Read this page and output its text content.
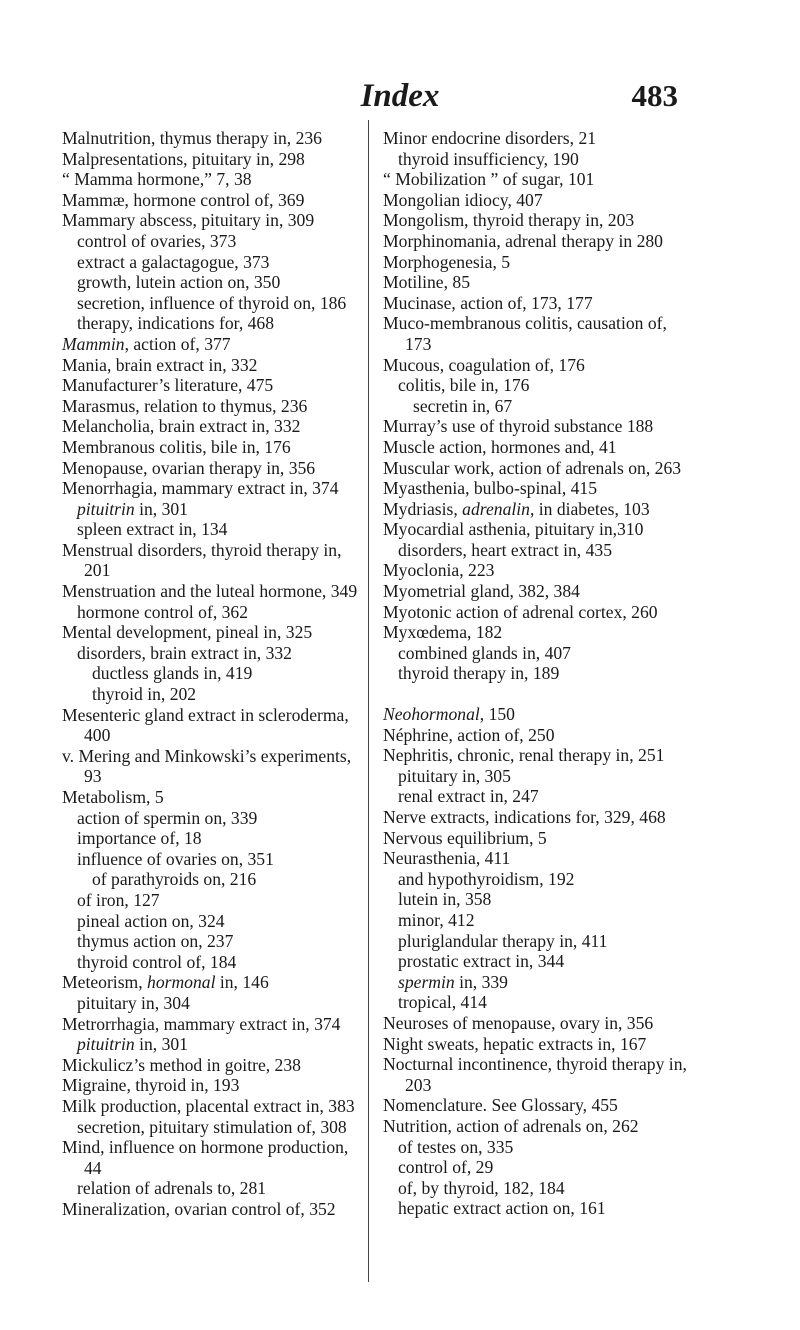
Index	483

Malnutrition, thymus therapy in, 236

Malpresentations, pituitary in, 298

“ Mamma hormone,” 7, 38

Mammæ, hormone control of, 369

Mammary abscess, pituitary in, 309

control of ovaries, 373

extract a galactagogue, 373

growth, lutein action on, 350

secretion, influence of thyroid on, 186

therapy, indications for, 468

Mammin, action of, 377

Mania, brain extract in, 332

Manufacturer’s literature, 475

Marasmus, relation to thymus, 236

Melancholia, brain extract in, 332

Membranous colitis, bile in, 176

Menopause, ovarian therapy in, 356

Menorrhagia, mammary extract in, 374

pituitrin in, 301

spleen extract in, 134

Menstrual disorders, thyroid therapy in, 201

Menstruation and the luteal hormone, 349

hormone control of, 362

Mental development, pineal in, 325

disorders, brain extract in, 332

ductless glands in, 419

thyroid in, 202

Mesenteric gland extract in scleroderma, 400

v. Mering and Minkowski’s experiments, 93

Metabolism, 5

action of spermin on, 339

importance of, 18

influence of ovaries on, 351

of parathyroids on, 216

of iron, 127

pineal action on, 324

thymus action on, 237

thyroid control of, 184

Meteorism, hormonal in, 146

pituitary in, 304

Metrorrhagia, mammary extract in, 374

pituitrin in, 301

Mickulicz’s method in goitre, 238

Migraine, thyroid in, 193

Milk production, placental extract in, 383

secretion, pituitary stimulation of, 308

Mind, influence on hormone production, 44

relation of adrenals to, 281

Mineralization, ovarian control of, 352

Minor endocrine disorders, 21

thyroid insufficiency, 190

“ Mobilization ” of sugar, 101

Mongolian idiocy, 407

Mongolism, thyroid therapy in, 203

Morphinomania, adrenal therapy in 280

Morphogenesia, 5

Motiline, 85

Mucinase, action of, 173, 177

Muco-membranous colitis, causation of, 173

Mucous, coagulation of, 176

colitis, bile in, 176

secretin in, 67

Murray’s use of thyroid substance 188

Muscle action, hormones and, 41

Muscular work, action of adrenals on, 263

Myasthenia, bulbo-spinal, 415

Mydriasis, adrenalin, in diabetes, 103

Myocardial asthenia, pituitary in,310

disorders, heart extract in, 435

Myoclonia, 223

Myometrial gland, 382, 384

Myotonic action of adrenal cortex, 260

Myxœdema, 182

combined glands in, 407

thyroid therapy in, 189

Neohormonal, 150

Néphrine, action of, 250

Nephritis, chronic, renal therapy in, 251

pituitary in, 305

renal extract in, 247

Nerve extracts, indications for, 329, 468

Nervous equilibrium, 5

Neurasthenia, 411

and hypothyroidism, 192

lutein in, 358

minor, 412

pluriglandular therapy in, 411

prostatic extract in, 344

spermin in, 339

tropical, 414

Neuroses of menopause, ovary in, 356

Night sweats, hepatic extracts in, 167

Nocturnal incontinence, thyroid therapy in, 203

Nomenclature. See Glossary, 455

Nutrition, action of adrenals on, 262

of testes on, 335

control of, 29

of, by thyroid, 182, 184

hepatic extract action on, 161
